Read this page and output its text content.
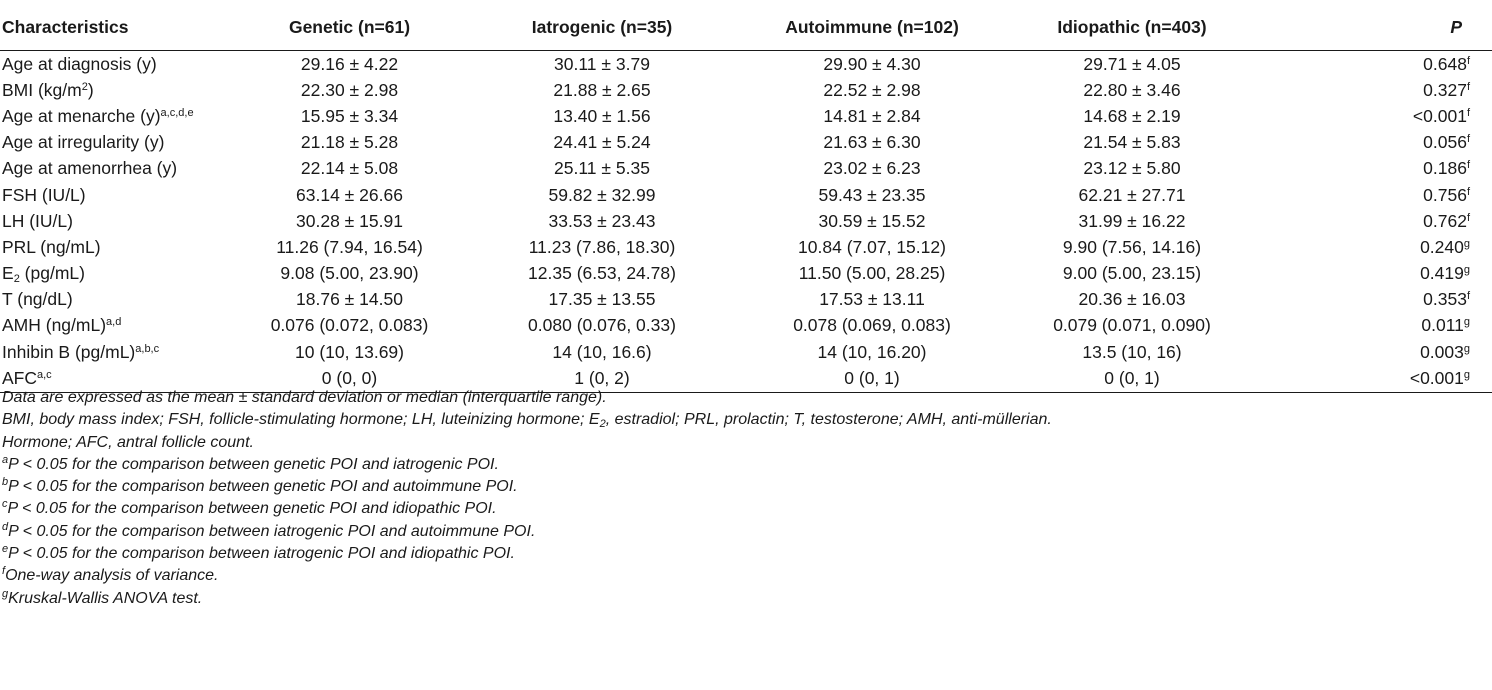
Characteristics	Genetic (n=61)	Iatrogenic (n=35)	Autoimmune (n=102)	Idiopathic (n=403)	P
Age at diagnosis (y)	29.16 ± 4.22	30.11 ± 3.79	29.90 ± 4.30	29.71 ± 4.05	0.648$^f$
BMI $(kg/m^2)$	22.30 ± 2.98	21.88 ± 2.65	22.52 ± 2.98	22.80 ± 3.46	0.327$^f$
Age at menarche $(y)^{a,c,d,e}$	15.95 ± 3.34	13.40 ± 1.56	14.81 ± 2.84	14.68 ± 2.19	<0.001$^f$
Age at irregularity (y)	21.18 ± 5.28	24.41 ± 5.24	21.63 ± 6.30	21.54 ± 5.83	0.056$^f$
Age at amenorrhea (y)	22.14 ± 5.08	25.11 ± 5.35	23.02 ± 6.23	23.12 ± 5.80	0.186$^f$
FSH (IU/L)	63.14 ± 26.66	59.82 ± 32.99	59.43 ± 23.35	62.21 ± 27.71	0.756$^f$
LH (IU/L)	30.28 ± 15.91	33.53 ± 23.43	30.59 ± 15.52	31.99 ± 16.22	0.762$^f$
PRL (ng/mL)	11.26 (7.94, 16.54)	11.23 (7.86, 18.30)	10.84 (7.07, 15.12)	9.90 (7.56, 14.16)	0.240$^g$
$E_2$ (pg/mL)	9.08 (5.00, 23.90)	12.35 (6.53, 24.78)	11.50 (5.00, 28.25)	9.00 (5.00, 23.15)	0.419$^g$
T (ng/dL)	18.76 ± 14.50	17.35 ± 13.55	17.53 ± 13.11	20.36 ± 16.03	0.353$^f$
AMH $(ng/mL)^{a,d}$	0.076 (0.072, 0.083)	0.080 (0.076, 0.33)	0.078 (0.069, 0.083)	0.079 (0.071, 0.090)	0.011$^g$
Inhibin B $(pg/mL)^{a,b,c}$	10 (10, 13.69)	14 (10, 16.6)	14 (10, 16.20)	13.5 (10, 16)	0.003$^g$
AFC$^{a,c}$	0 (0, 0)	1 (0, 2)	0 (0, 1)	0 (0, 1)	<0.001$^g$
Data are expressed as the mean ± standard deviation or median (interquartile range).
BMI, body mass index; FSH, follicle-stimulating hormone; LH, luteinizing hormone; $E_2$, estradiol; PRL, prolactin; T, testosterone; AMH, anti-müllerian.
Hormone; AFC, antral follicle count.
$^a$P < 0.05 for the comparison between genetic POI and iatrogenic POI.
$^b$P < 0.05 for the comparison between genetic POI and autoimmune POI.
$^c$P < 0.05 for the comparison between genetic POI and idiopathic POI.
$^d$P < 0.05 for the comparison between iatrogenic POI and autoimmune POI.
$^e$P < 0.05 for the comparison between iatrogenic POI and idiopathic POI.
$^f$One-way analysis of variance.
$^g$Kruskal-Wallis ANOVA test.
